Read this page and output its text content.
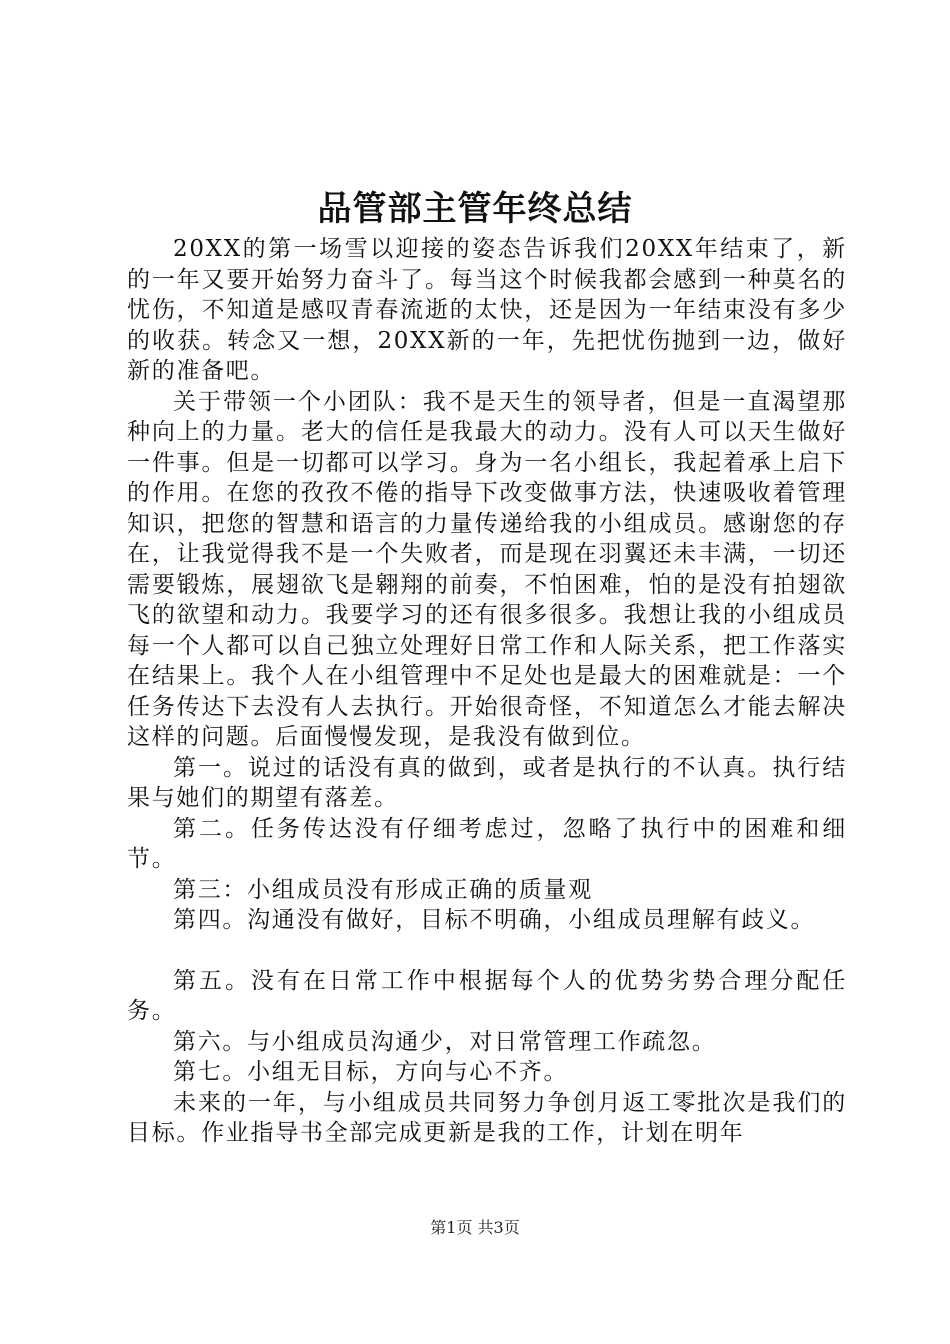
品管部主管年终总结

20XX的第一场雪以迎接的姿态告诉我们20XX年结束了，新的一年又要开始努力奋斗了。每当这个时候我都会感到一种莫名的忧伤，不知道是感叹青春流逝的太快，还是因为一年结束没有多少的收获。转念又一想，20XX新的一年，先把忧伤抛到一边，做好新的准备吧。

关于带领一个小团队：我不是天生的领导者，但是一直渴望那种向上的力量。老大的信任是我最大的动力。没有人可以天生做好一件事。但是一切都可以学习。身为一名小组长，我起着承上启下的作用。在您的孜孜不倦的指导下改变做事方法，快速吸收着管理知识，把您的智慧和语言的力量传递给我的小组成员。感谢您的存在，让我觉得我不是一个失败者，而是现在羽翼还未丰满，一切还需要锻炼，展翅欲飞是翱翔的前奏，不怕困难，怕的是没有拍翅欲飞的欲望和动力。我要学习的还有很多很多。我想让我的小组成员每一个人都可以自己独立处理好日常工作和人际关系，把工作落实在结果上。我个人在小组管理中不足处也是最大的困难就是：一个任务传达下去没有人去执行。开始很奇怪，不知道怎么才能去解决这样的问题。后面慢慢发现，是我没有做到位。

第一。说过的话没有真的做到，或者是执行的不认真。执行结果与她们的期望有落差。

第二。任务传达没有仔细考虑过，忽略了执行中的困难和细节。

第三：小组成员没有形成正确的质量观

第四。沟通没有做好，目标不明确，小组成员理解有歧义。

第五。没有在日常工作中根据每个人的优势劣势合理分配任务。

第六。与小组成员沟通少，对日常管理工作疏忽。

第七。小组无目标，方向与心不齐。

未来的一年，与小组成员共同努力争创月返工零批次是我们的目标。作业指导书全部完成更新是我的工作，计划在明年

第1页 共3页
